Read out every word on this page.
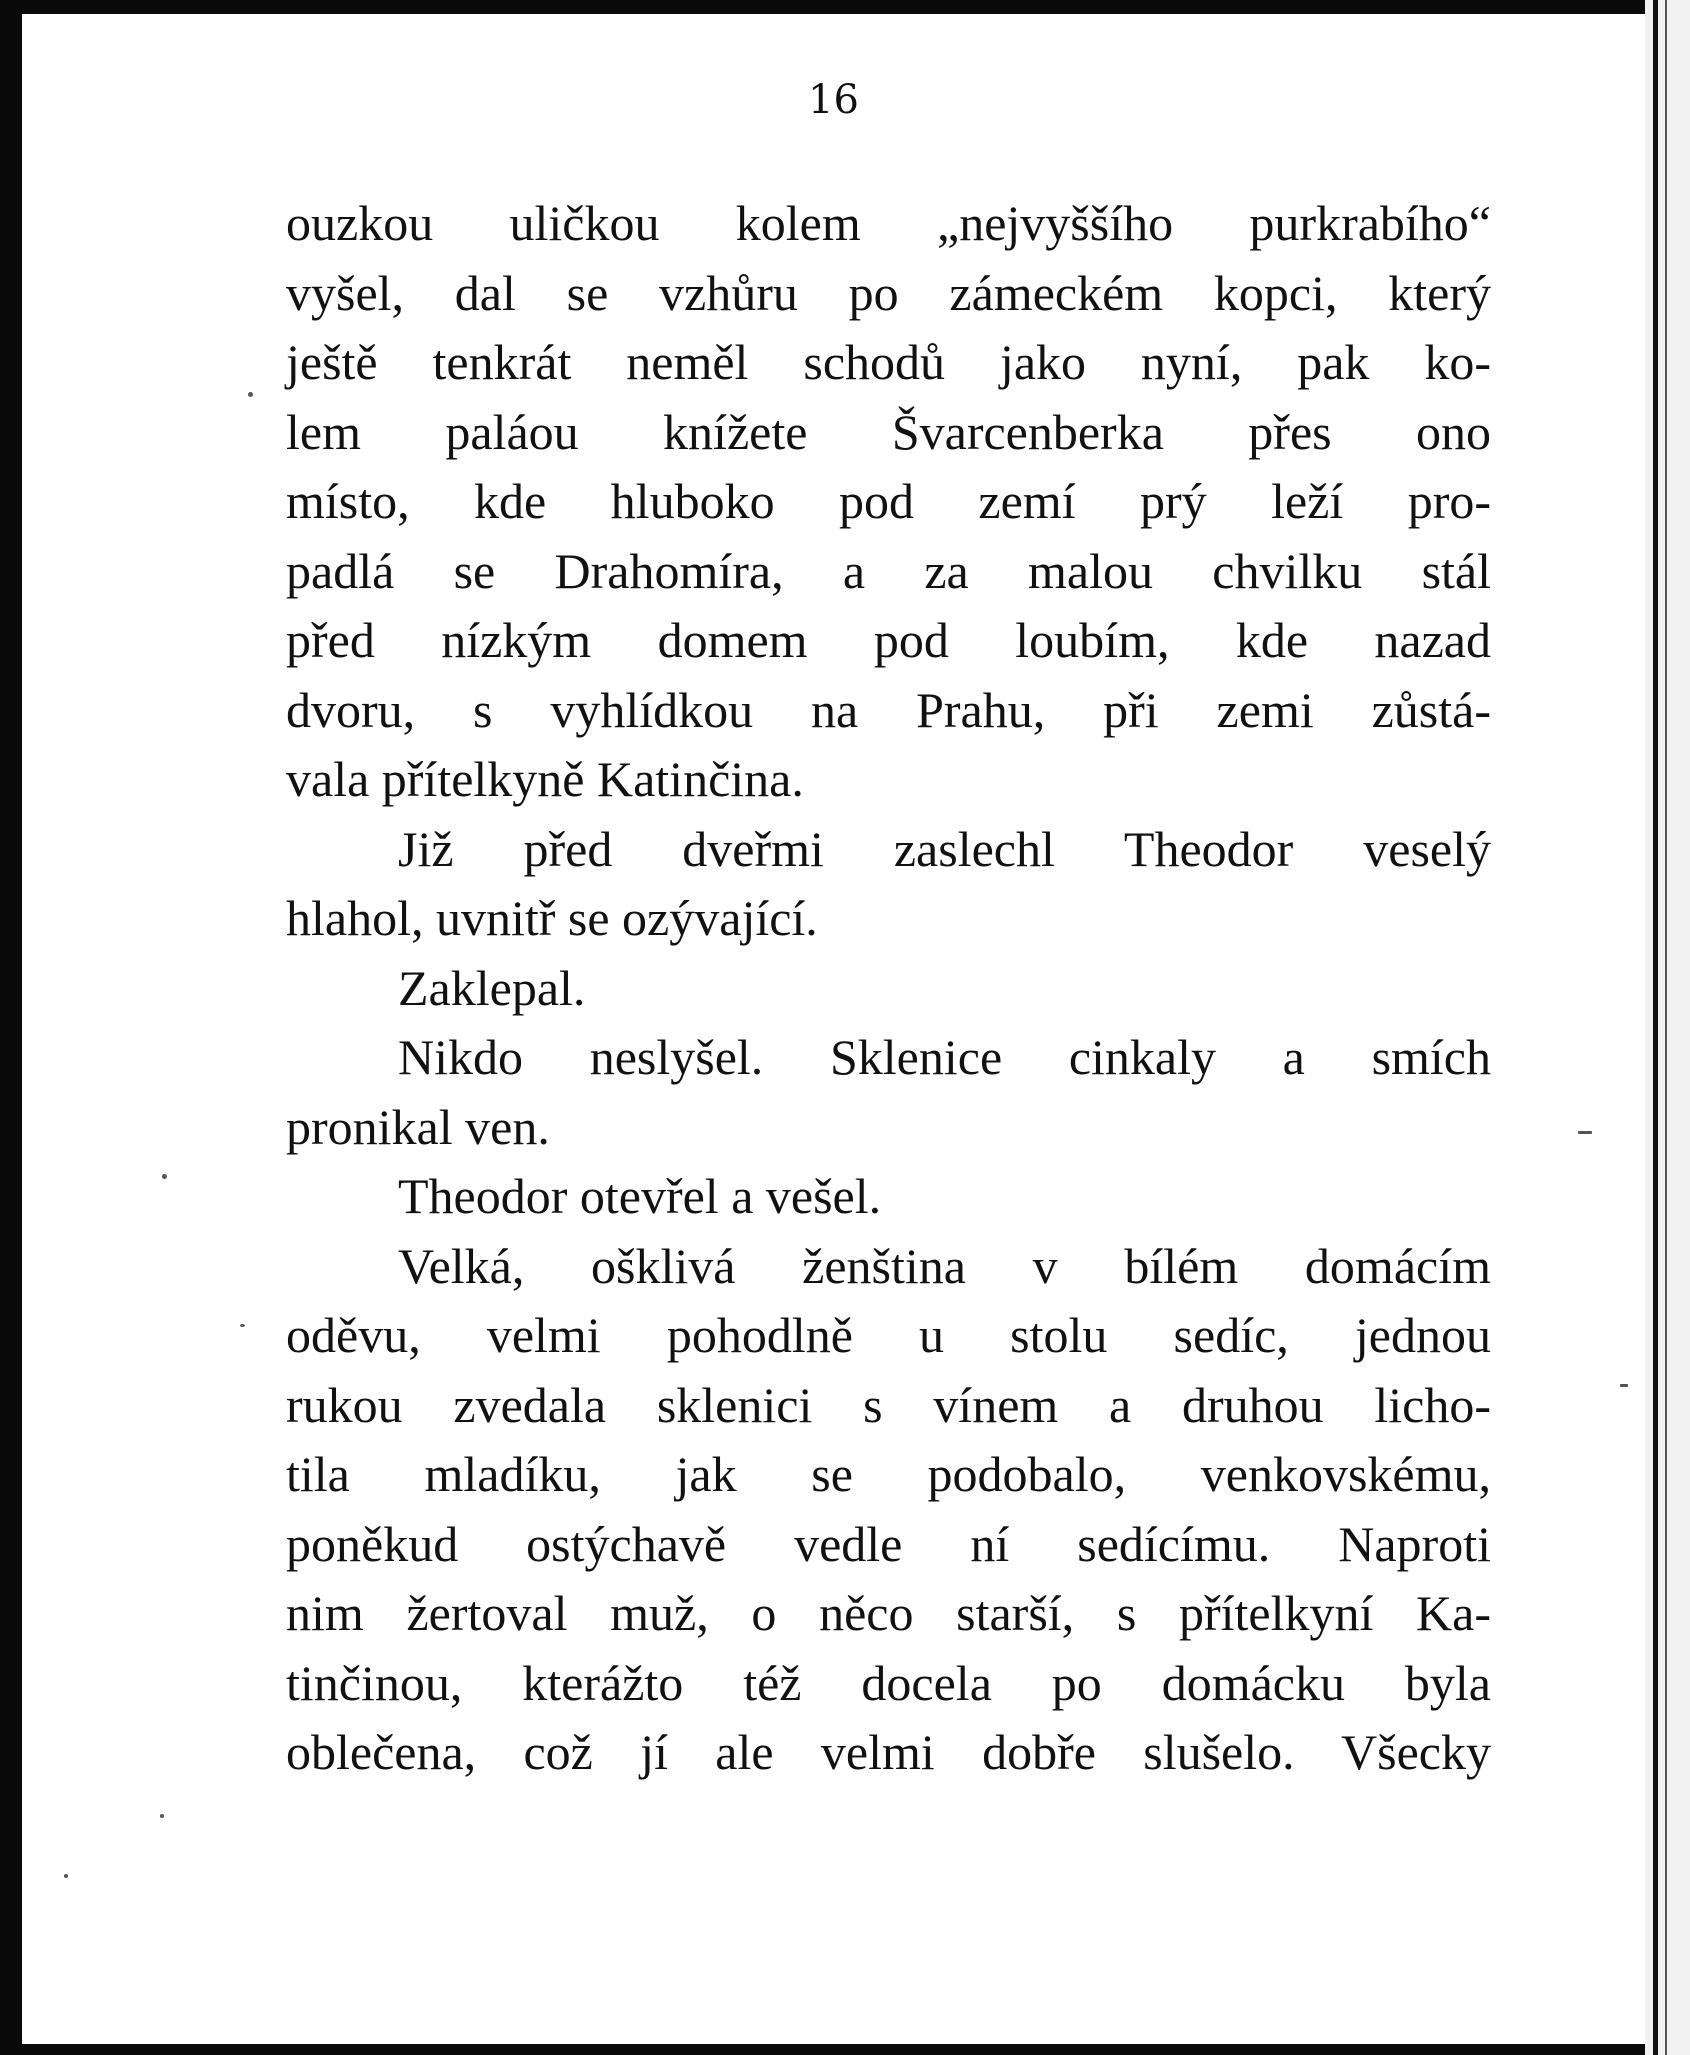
16

ouzkou uličkou kolem „nejvyššího purkrabího“
vyšel, dal se vzhůru po zámeckém kopci, který
ještě tenkrát neměl schodů jako nyní, pak ko-
lem paláou knížete Švarcenberka přes ono
místo, kde hluboko pod zemí prý leží pro-
padlá se Drahomíra, a za malou chvilku stál
před nízkým domem pod loubím, kde nazad
dvoru, s vyhlídkou na Prahu, při zemi zůstá-
vala přítelkyně Katinčina.
Již před dveřmi zaslechl Theodor veselý
hlahol, uvnitř se ozývající.
Zaklepal.
Nikdo neslyšel. Sklenice cinkaly a smích
pronikal ven.
Theodor otevřel a vešel.
Velká, ošklivá ženština v bílém domácím
oděvu, velmi pohodlně u stolu sedíc, jednou
rukou zvedala sklenici s vínem a druhou licho-
tila mladíku, jak se podobalo, venkovskému,
poněkud ostýchavě vedle ní sedícímu. Naproti
nim žertoval muž, o něco starší, s přítelkyní Ka-
tinčinou, kterážto též docela po domácku byla
oblečena, což jí ale velmi dobře slušelo. Všecky
